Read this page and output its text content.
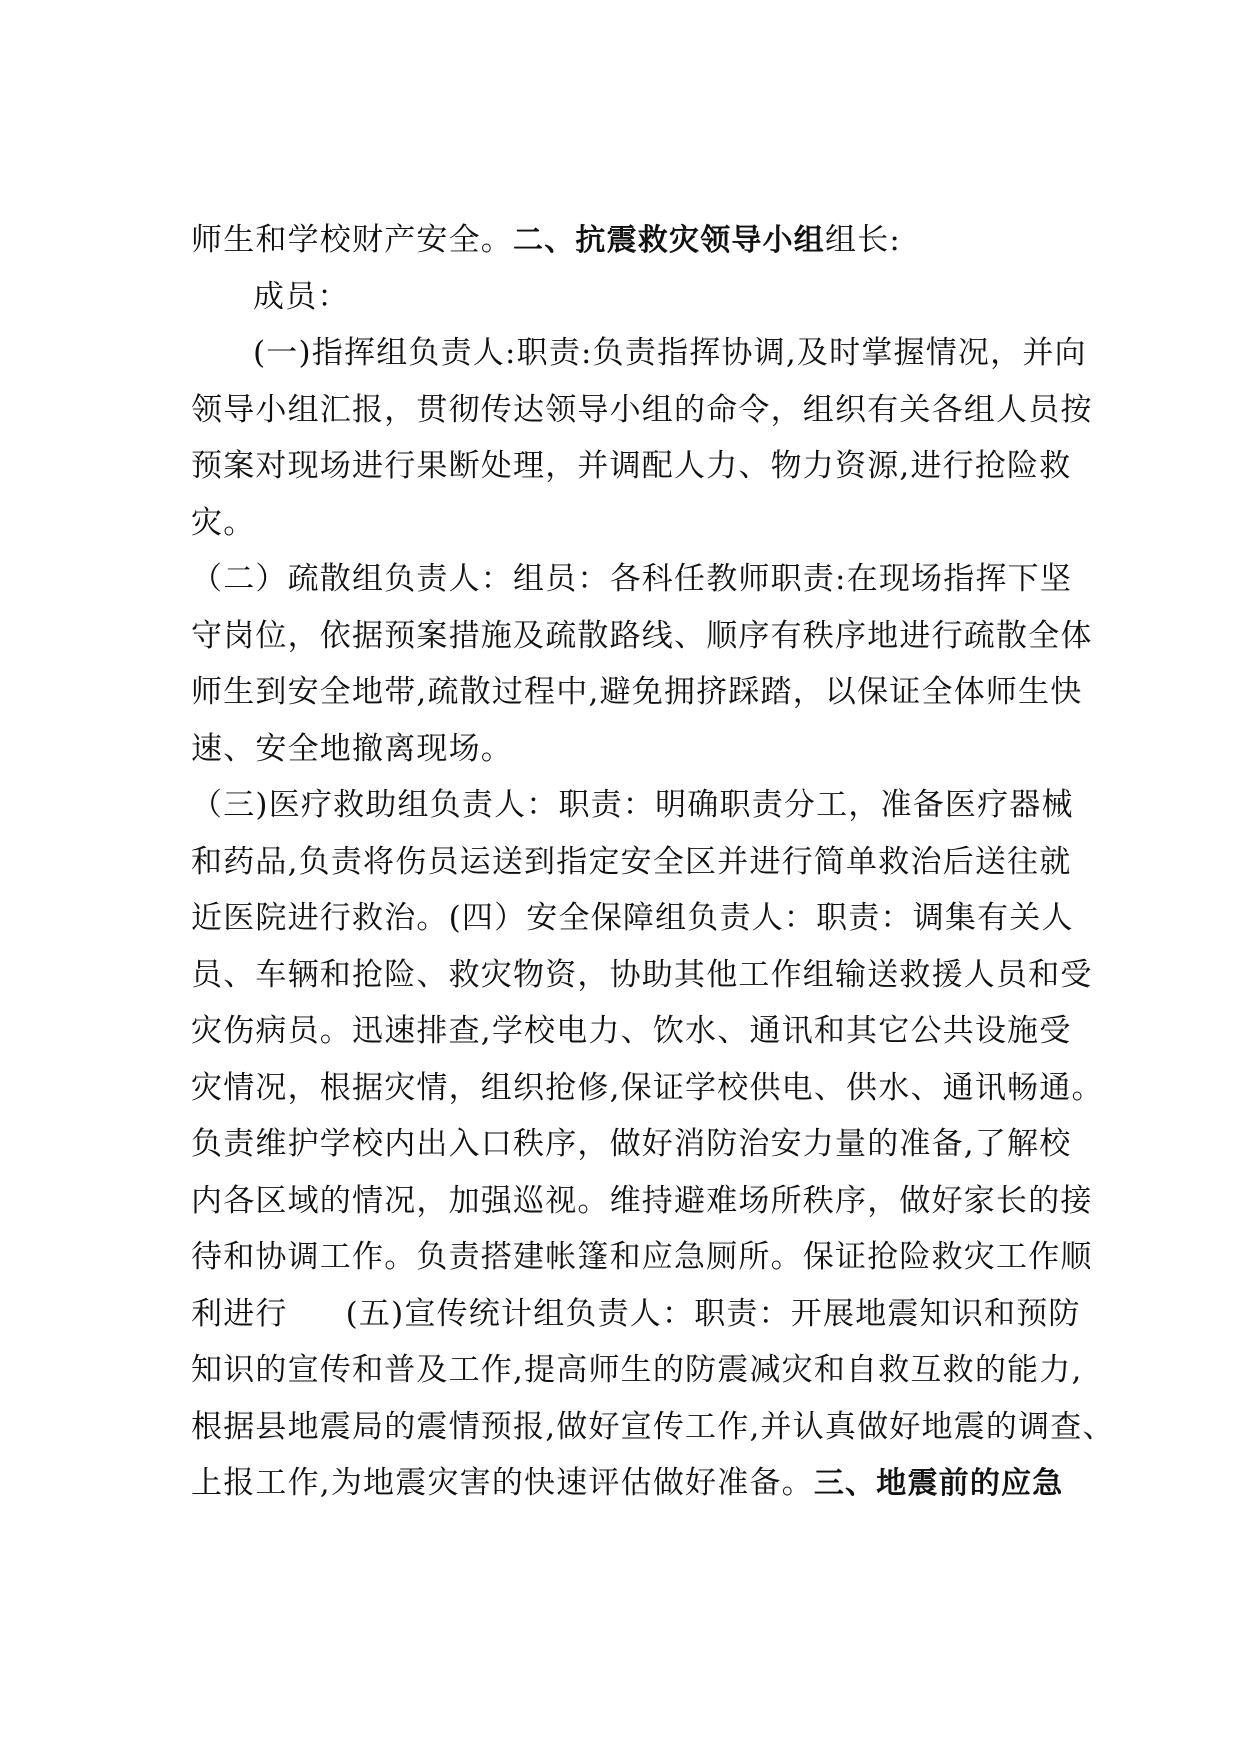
师生和学校财产安全。二、抗震救灾领导小组组长:
成员：
(一)指挥组负责人:职责:负责指挥协调,及时掌握情况，并向
领导小组汇报，贯彻传达领导小组的命令，组织有关各组人员按
预案对现场进行果断处理，并调配人力、物力资源,进行抢险救
灾。
（二）疏散组负责人：组员：各科任教师职责:在现场指挥下坚
守岗位，依据预案措施及疏散路线、顺序有秩序地进行疏散全体
师生到安全地带,疏散过程中,避免拥挤踩踏，以保证全体师生快
速、安全地撤离现场。
（三)医疗救助组负责人：职责：明确职责分工，准备医疗器械
和药品,负责将伤员运送到指定安全区并进行简单救治后送往就
近医院进行救治。(四）安全保障组负责人：职责：调集有关人
员、车辆和抢险、救灾物资，协助其他工作组输送救援人员和受
灾伤病员。迅速排查,学校电力、饮水、通讯和其它公共设施受
灾情况，根据灾情，组织抢修,保证学校供电、供水、通讯畅通。
负责维护学校内出入口秩序，做好消防治安力量的准备,了解校
内各区域的情况，加强巡视。维持避难场所秩序，做好家长的接
待和协调工作。负责搭建帐篷和应急厕所。保证抢险救灾工作顺
利进行 (五)宣传统计组负责人：职责：开展地震知识和预防
知识的宣传和普及工作,提高师生的防震减灾和自救互救的能力,
根据县地震局的震情预报,做好宣传工作,并认真做好地震的调查、
上报工作,为地震灾害的快速评估做好准备。三、地震前的应急
